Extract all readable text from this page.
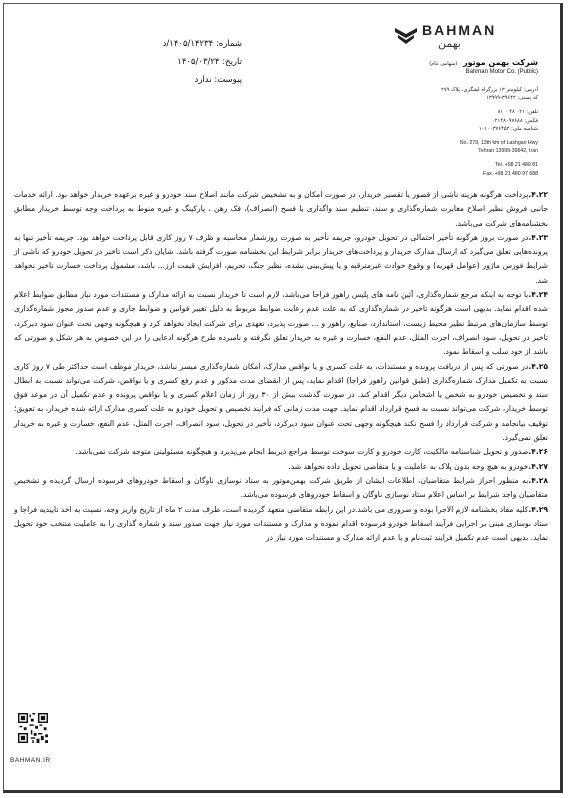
شماره: ۱۴۰۵/۱۴۲۳۴/د
تاریخ: ۱۴۰۵/۰۳/۲۴
پیوست: ندارد
BAHMAN
بهمن
شرکت بهمن موتور (سهامی عام)
Bahman Motor Co. (Public)
آدرس: کیلومتر ۱۳ بزرگراه لشگری، پلاک ۲۷۹
کد پستی: ۳۹۶۴۲-۱۳۹۹۹
تلفن: ۰۲۱ ۴۸ ۰ ۸۱
فکس: ۰۲۱۴۸۰۹۷۶۸۸
شناسه ملی: ۱۰۱۰۰۳۷۶۴۵۲
No. 279, 13th km of Lashgari Hwy
Tehran 13999-39642, Iran
Tel. +98 21 480 81
Fax. +98 21 480 97 688

۴.۲۲.پرداخت هرگونه هزینه ناشی از قصور یا تقصیر خریدار، در صورت امکان و به تشخیص شرکت مانند اصلاح سند خودرو و غیره برعهده خریدار خواهد بود. ارائه خدمات جانبی فروش نظیر اصلاح مغایرت شماره‌گذاری و سند، تنظیم سند واگذاری یا فسخ (انصراف)، فک رهن ، پارکینگ و غیره منوط به پرداخت وجه توسط خریدار مطابق بخشنامه‌های شرکت می‌باشد.

۴.۲۳.در صورت بروز هرگونه تأخیر احتمالی در تحویل خودرو، جریمه تأخیر به صورت روزشمار محاسبه و ظرف ۷ روز کاری قابل پرداخت خواهد بود. جریمه تأخیر تنها به پرونده‌هایی تعلق می‌گیرد که ارسال مدارک خریدار و پرداخت‌های خریدار برابر شرایط این بخشنامه صورت گرفته باشد. شایان ذکر است تاخیر در تحویل خودرو که ناشی از شرایط فورس ماژور (عوامل قهریه) و وقوع حوادث غیرمترقبه و یا پیش‌بینی نشده، نظیر جنگ، تحریم، افزایش قیمت ارز... باشد، مشمول پرداخت خسارت تاخیر نخواهد شد.

۴.۲۴.با توجه به اینکه مرجع شماره‌گذاری، آئین نامه های پلیس راهور فراجا می‌باشد، لازم است تا خریدار نسبت به ارائه مدارک و مستندات مورد نیاز مطابق ضوابط اعلام شده اقدام نماید. بدیهی است هرگونه تاخیر در شماره‌گذاری که به علت عدم رعایت ضوابط مربوط به دلیل تغییر قوانین و ضوابط جاری و عدم صدور مجوز شماره‌گذاری توسط سازمان‌های مرتبط نظیر محیط زیست، استاندارد، صنایع، راهور و ... صورت پذیرد، تعهدی برای شرکت ایجاد نخواهد کرد و هیچگونه وجهی تحت عنوان سود دیرکرد، تاخیر در تحویل، سود انصراف، اجرت المثل، عدم النفع، خسارت و غیره به خریدار تعلق نگرفته و نامبرده طرح هرگونه ادعایی را در این خصوص به هر شکل و صورتی که باشد از خود سلب و اسقاط نمود.

۴.۲۵.در صورتی که پس از دریافت پرونده و مستندات، به علت کسری و یا نواقص مدارک، امکان شماره‌گذاری میسر نباشد، خریدار موظف است حداکثر طی ۷ روز کاری نسبت به تکمیل مدارک شماره‌گذاری (طبق قوانین راهور فراجا) اقدام نماید، پس از انقضای مدت مذکور و عدم رفع کسری و یا نواقص، شرکت می‌تواند نسبت به ابطال سند و تخصیص خودرو به شخص یا اشخاص دیگر اقدام کند. در صورت گذشت بیش از ۳۰ روز از زمان اعلام کسری و یا نواقص پرونده و عدم تکمیل آن در موعد فوق توسط خریدار، شرکت می‌تواند نسبت به فسخ قرارداد اقدام نماید. جهت مدت زمانی که فرایند تخصیص و تحویل خودرو به علت کسری مدارک ارائه شده خریدار، به تعویق؛ توقیف بیانجامد و شرکت قرارداد را فسخ نکند هیچگونه وجهی تحت عنوان سود دیرکرد، تأخیر در تحویل، سود انصراف، اجرت المثل، عدم النفع، خسارت و غیره به خریدار تعلق نمی‌گیرد.

۴.۲۶.صدور و تحویل شناسنامه مالکیت، کارت خودرو و کارت سوخت توسط مراجع ذیربط انجام می‌پذیرد و هیچگونه مسئولیتی متوجه شرکت نمی‌باشد.

۴.۲۷.خودرو به هیچ وجه بدون پلاک به عاملیت و یا متقاضی تحویل داده نخواهد شد.

۴.۲۸.به منظور احراز شرایط متقاضیان، اطلاعات ایشان از طریق شرکت بهمن‌موتور به ستاد نوسازی ناوگان و اسقاط خودروهای فرسوده ارسال گردیده و تشخیص متقاضیان واجد شرایط بر اساس اعلام ستاد نوسازی ناوگان و اسقاط خودروهای فرسوده می‌باشد.

۴.۲۹.کلیه مفاد بخشنامه لازم الاجرا بوده و ضروری می باشد.در این رابطه متقاضی متعهد گردیده است، ظرف مدت ۲ ماه از تاریخ واریز وجه، نسبت به اخذ تاییدیه فراجا و ستاد نوسازی مبنی بر اجرایی فرآیند اسقاط خودرو فرسوده اقدام نموده و مدارک و مستندات مورد نیاز جهت صدور سند و شماره گذاری را به عاملیت منتخب خود تحویل نماید. بدیهی است عدم تکمیل فرایند ثبت‌نام و یا عدم ارائه مدارک و مستندات مورد نیاز در

BAHMAN.IR
